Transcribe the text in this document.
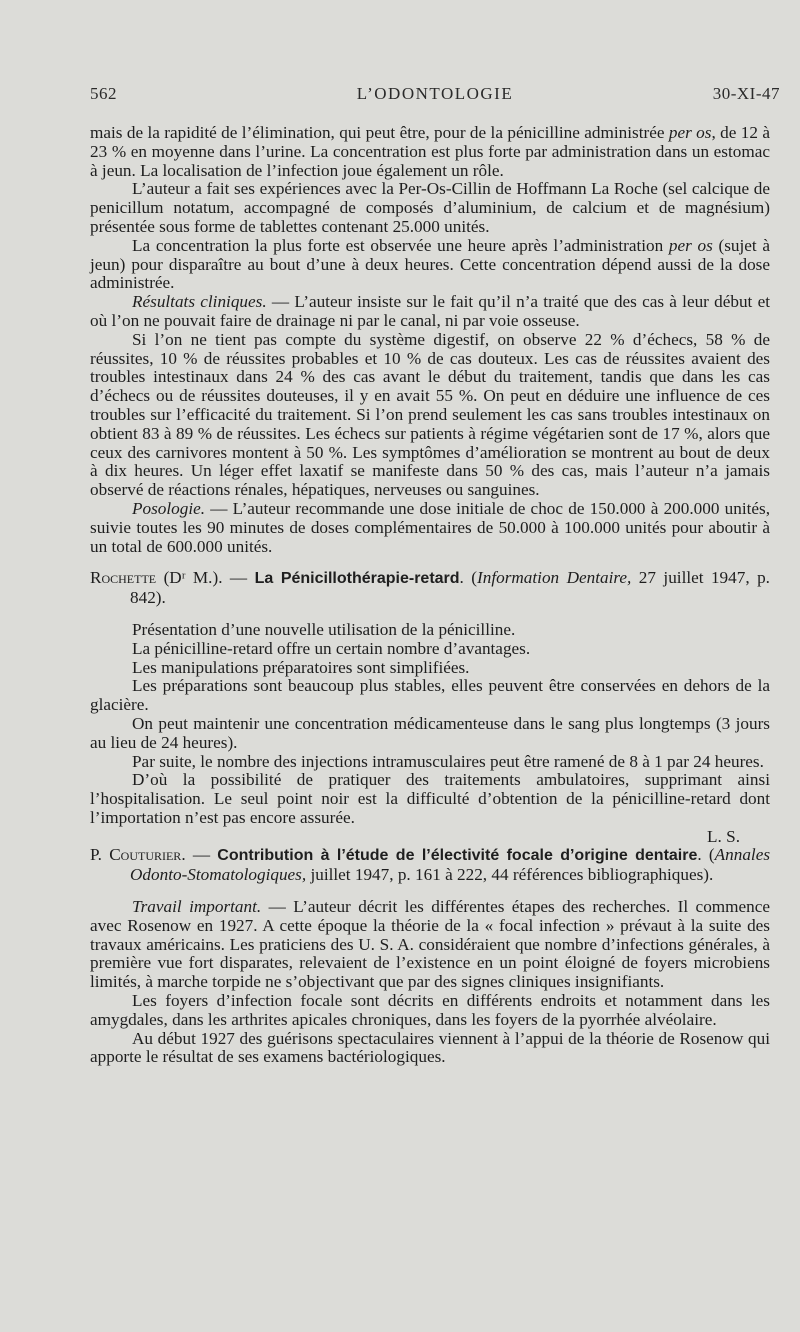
L’ODONTOLOGIE
562	30-XI-47

mais de la rapidité de l’élimination, qui peut être, pour de la pénicilline administrée per os, de 12 à 23 % en moyenne dans l’urine. La concentration est plus forte par administration dans un estomac à jeun. La localisation de l’infection joue également un rôle.

L’auteur a fait ses expériences avec la Per-Os-Cillin de Hoffmann La Roche (sel calcique de penicillum notatum, accompagné de composés d’aluminium, de calcium et de magnésium) présentée sous forme de tablettes contenant 25.000 unités.

La concentration la plus forte est observée une heure après l’administration per os (sujet à jeun) pour disparaître au bout d’une à deux heures. Cette concentration dépend aussi de la dose administrée.

Résultats cliniques. — L’auteur insiste sur le fait qu’il n’a traité que des cas à leur début et où l’on ne pouvait faire de drainage ni par le canal, ni par voie osseuse.

Si l’on ne tient pas compte du système digestif, on observe 22 % d’échecs, 58 % de réussites, 10 % de réussites probables et 10 % de cas douteux. Les cas de réussites avaient des troubles intestinaux dans 24 % des cas avant le début du traitement, tandis que dans les cas d’échecs ou de réussites douteuses, il y en avait 55 %. On peut en déduire une influence de ces troubles sur l’efficacité du traitement. Si l’on prend seulement les cas sans troubles intestinaux on obtient 83 à 89 % de réussites. Les échecs sur patients à régime végétarien sont de 17 %, alors que ceux des carnivores montent à 50 %. Les symptômes d’amélioration se montrent au bout de deux à dix heures. Un léger effet laxatif se manifeste dans 50 % des cas, mais l’auteur n’a jamais observé de réactions rénales, hépatiques, nerveuses ou sanguines.

Posologie. — L’auteur recommande une dose initiale de choc de 150.000 à 200.000 unités, suivie toutes les 90 minutes de doses complémentaires de 50.000 à 100.000 unités pour aboutir à un total de 600.000 unités.

Rochette (Dʳ M.). — La Pénicillothérapie-retard. (Information Dentaire, 27 juillet 1947, p. 842).

Présentation d’une nouvelle utilisation de la pénicilline.

La pénicilline-retard offre un certain nombre d’avantages.

Les manipulations préparatoires sont simplifiées.

Les préparations sont beaucoup plus stables, elles peuvent être conservées en dehors de la glacière.

On peut maintenir une concentration médicamenteuse dans le sang plus longtemps (3 jours au lieu de 24 heures).

Par suite, le nombre des injections intramusculaires peut être ramené de 8 à 1 par 24 heures.

D’où la possibilité de pratiquer des traitements ambulatoires, supprimant ainsi l’hospitalisation. Le seul point noir est la difficulté d’obtention de la pénicilline-retard dont l’importation n’est pas encore assurée.

L. S.

P. Couturier. — Contribution à l’étude de l’électivité focale d’origine dentaire. (Annales Odonto-Stomatologiques, juillet 1947, p. 161 à 222, 44 références bibliographiques).

Travail important. — L’auteur décrit les différentes étapes des recherches. Il commence avec Rosenow en 1927. A cette époque la théorie de la « focal infection » prévaut à la suite des travaux américains. Les praticiens des U. S. A. considéraient que nombre d’infections générales, à première vue fort disparates, relevaient de l’existence en un point éloigné de foyers microbiens limités, à marche torpide ne s’objectivant que par des signes cliniques insignifiants.

Les foyers d’infection focale sont décrits en différents endroits et notamment dans les amygdales, dans les arthrites apicales chroniques, dans les foyers de la pyorrhée alvéolaire.

Au début 1927 des guérisons spectaculaires viennent à l’appui de la théorie de Rosenow qui apporte le résultat de ses examens bactériologiques.
